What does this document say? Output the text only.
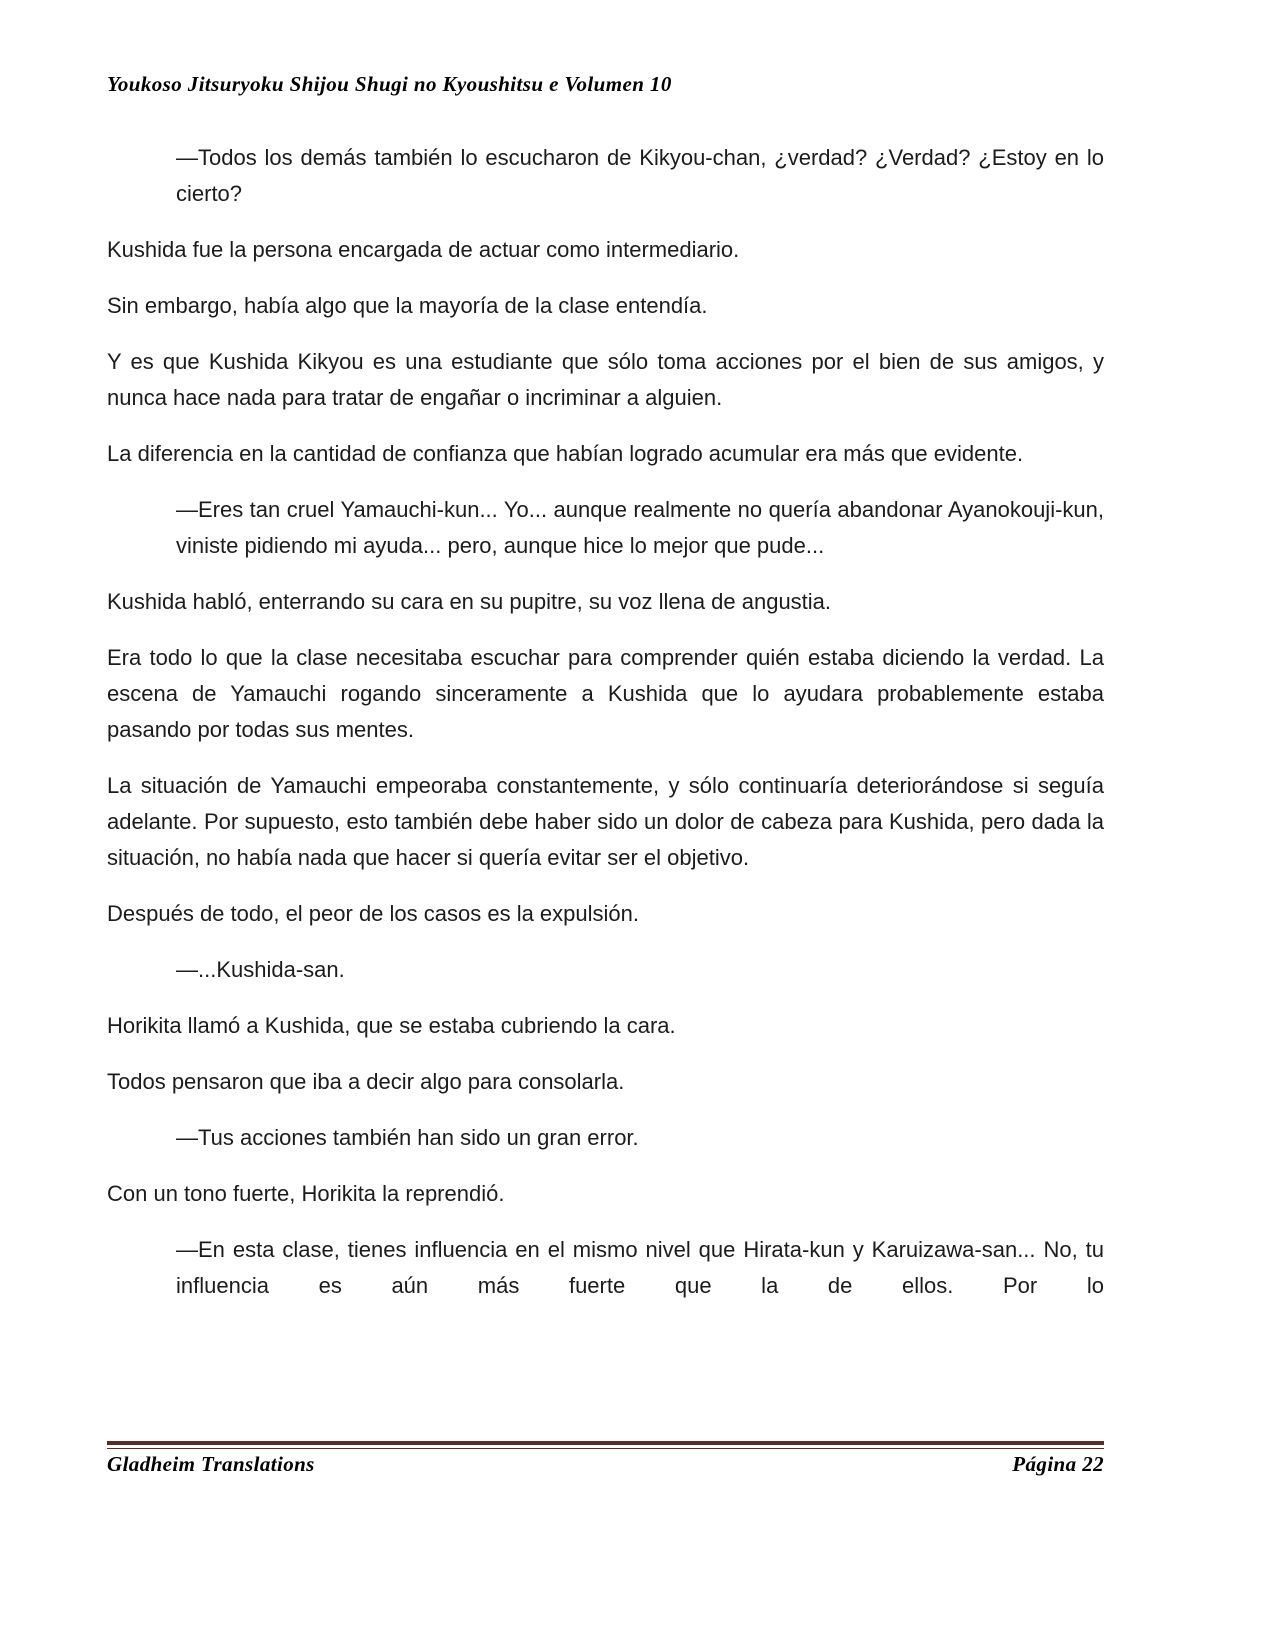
Youkoso Jitsuryoku Shijou Shugi no Kyoushitsu e Volumen 10

—Todos los demás también lo escucharon de Kikyou-chan, ¿verdad? ¿Verdad? ¿Estoy en lo cierto?

Kushida fue la persona encargada de actuar como intermediario.

Sin embargo, había algo que la mayoría de la clase entendía.

Y es que Kushida Kikyou es una estudiante que sólo toma acciones por el bien de sus amigos, y nunca hace nada para tratar de engañar o incriminar a alguien.

La diferencia en la cantidad de confianza que habían logrado acumular era más que evidente.

—Eres tan cruel Yamauchi-kun... Yo... aunque realmente no quería abandonar Ayanokouji-kun, viniste pidiendo mi ayuda... pero, aunque hice lo mejor que pude...

Kushida habló, enterrando su cara en su pupitre, su voz llena de angustia.

Era todo lo que la clase necesitaba escuchar para comprender quién estaba diciendo la verdad. La escena de Yamauchi rogando sinceramente a Kushida que lo ayudara probablemente estaba pasando por todas sus mentes.

La situación de Yamauchi empeoraba constantemente, y sólo continuaría deteriorándose si seguía adelante. Por supuesto, esto también debe haber sido un dolor de cabeza para Kushida, pero dada la situación, no había nada que hacer si quería evitar ser el objetivo.

Después de todo, el peor de los casos es la expulsión.

—...Kushida-san.

Horikita llamó a Kushida, que se estaba cubriendo la cara.

Todos pensaron que iba a decir algo para consolarla.

—Tus acciones también han sido un gran error.

Con un tono fuerte, Horikita la reprendió.

—En esta clase, tienes influencia en el mismo nivel que Hirata-kun y Karuizawa-san... No, tu influencia es aún más fuerte que la de ellos. Por lo

Gladheim Translations	Página 22
